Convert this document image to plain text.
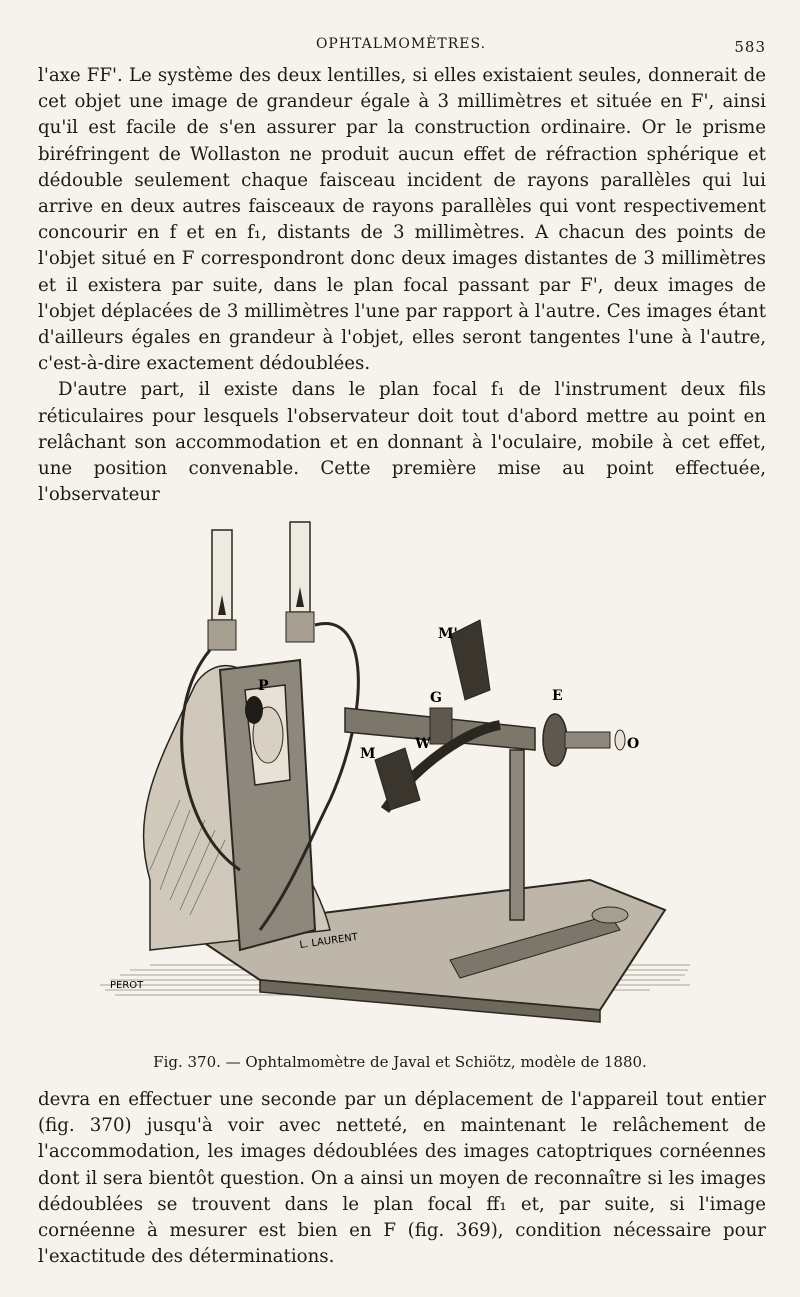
OPHTALMOMÈTRES.	583

l'axe FF'. Le système des deux lentilles, si elles existaient seules, donnerait de cet objet une image de grandeur égale à 3 millimètres et située en F', ainsi qu'il est facile de s'en assurer par la construction ordinaire. Or le prisme biréfringent de Wollaston ne produit aucun effet de réfraction sphérique et dédouble seulement chaque faisceau incident de rayons parallèles qui lui arrive en deux autres faisceaux de rayons parallèles qui vont respectivement concourir en f et en f₁, distants de 3 millimètres. A chacun des points de l'objet situé en F correspondront donc deux images distantes de 3 millimètres et il existera par suite, dans le plan focal passant par F', deux images de l'objet déplacées de 3 millimètres l'une par rapport à l'autre. Ces images étant d'ailleurs égales en grandeur à l'objet, elles seront tangentes l'une à l'autre, c'est-à-dire exactement dédoublées.

D'autre part, il existe dans le plan focal f₁ de l'instrument deux fils réticulaires pour lesquels l'observateur doit tout d'abord mettre au point en relâchant son accommodation et en donnant à l'oculaire, mobile à cet effet, une position convenable. Cette première mise au point effectuée, l'observateur

P
G	E
O
M'
W
M
L. LAURENT
PEROT
Fig. 370. — Ophtalmomètre de Javal et Schiötz, modèle de 1880.

devra en effectuer une seconde par un déplacement de l'appareil tout entier (fig. 370) jusqu'à voir avec netteté, en maintenant le relâchement de l'accommodation, les images dédoublées des images catoptriques cornéennes dont il sera bientôt question. On a ainsi un moyen de reconnaître si les images dédoublées se trouvent dans le plan focal ff₁ et, par suite, si l'image cornéenne à mesurer est bien en F (fig. 369), condition nécessaire pour l'exactitude des déterminations.
